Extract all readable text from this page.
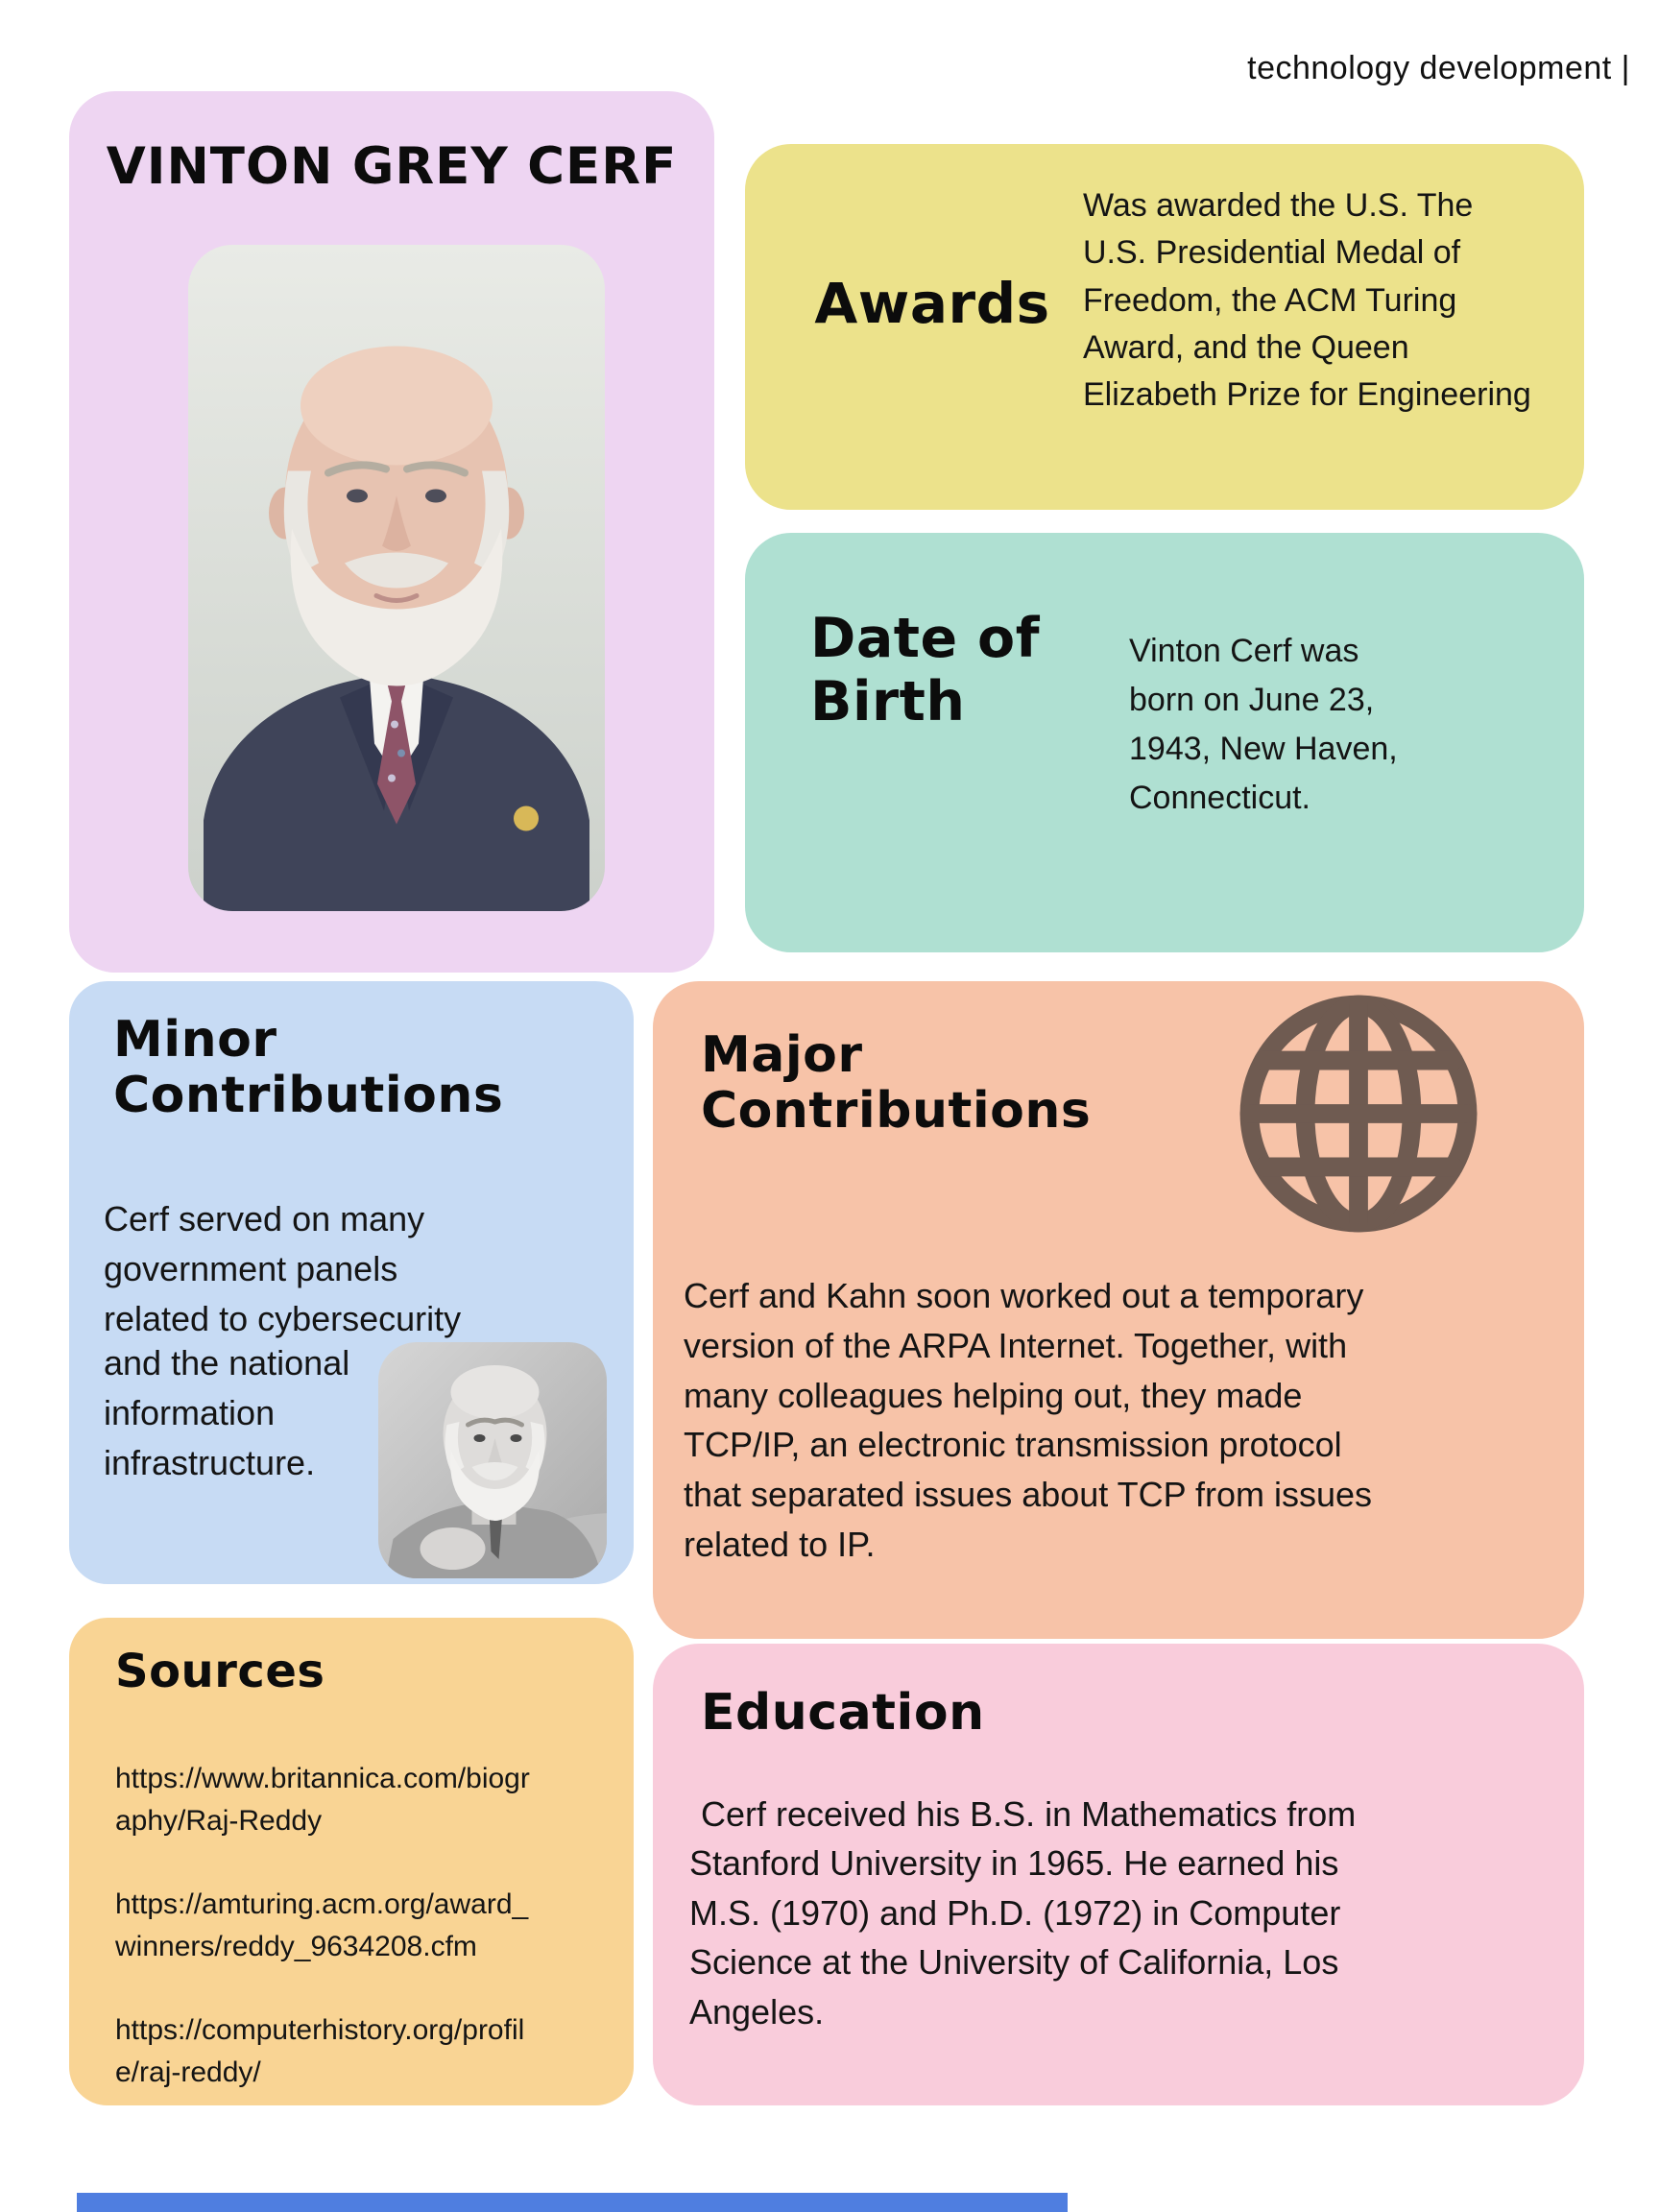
technology development |
VINTON GREY CERF
Awards

Was awarded the U.S. The U.S. Presidential Medal of Freedom, the ACM Turing Award, and the Queen Elizabeth Prize for Engineering

Date of Birth

Vinton Cerf was born on June 23, 1943, New Haven, Connecticut.

Minor Contributions

Cerf served on many government panels related to cybersecurity

and the national information infrastructure.

Major Contributions

Cerf and Kahn soon worked out a temporary version of the ARPA Internet. Together, with many colleagues helping out, they made TCP/IP, an electronic transmission protocol that separated issues about TCP from issues related to IP.

Sources

https://www.britannica.com/biography/Raj-Reddy

https://amturing.acm.org/award_winners/reddy_9634208.cfm

https://computerhistory.org/profile/raj-reddy/

Education

Cerf received his B.S. in Mathematics from Stanford University in 1965. He earned his M.S. (1970) and Ph.D. (1972) in Computer Science at the University of California, Los Angeles.
